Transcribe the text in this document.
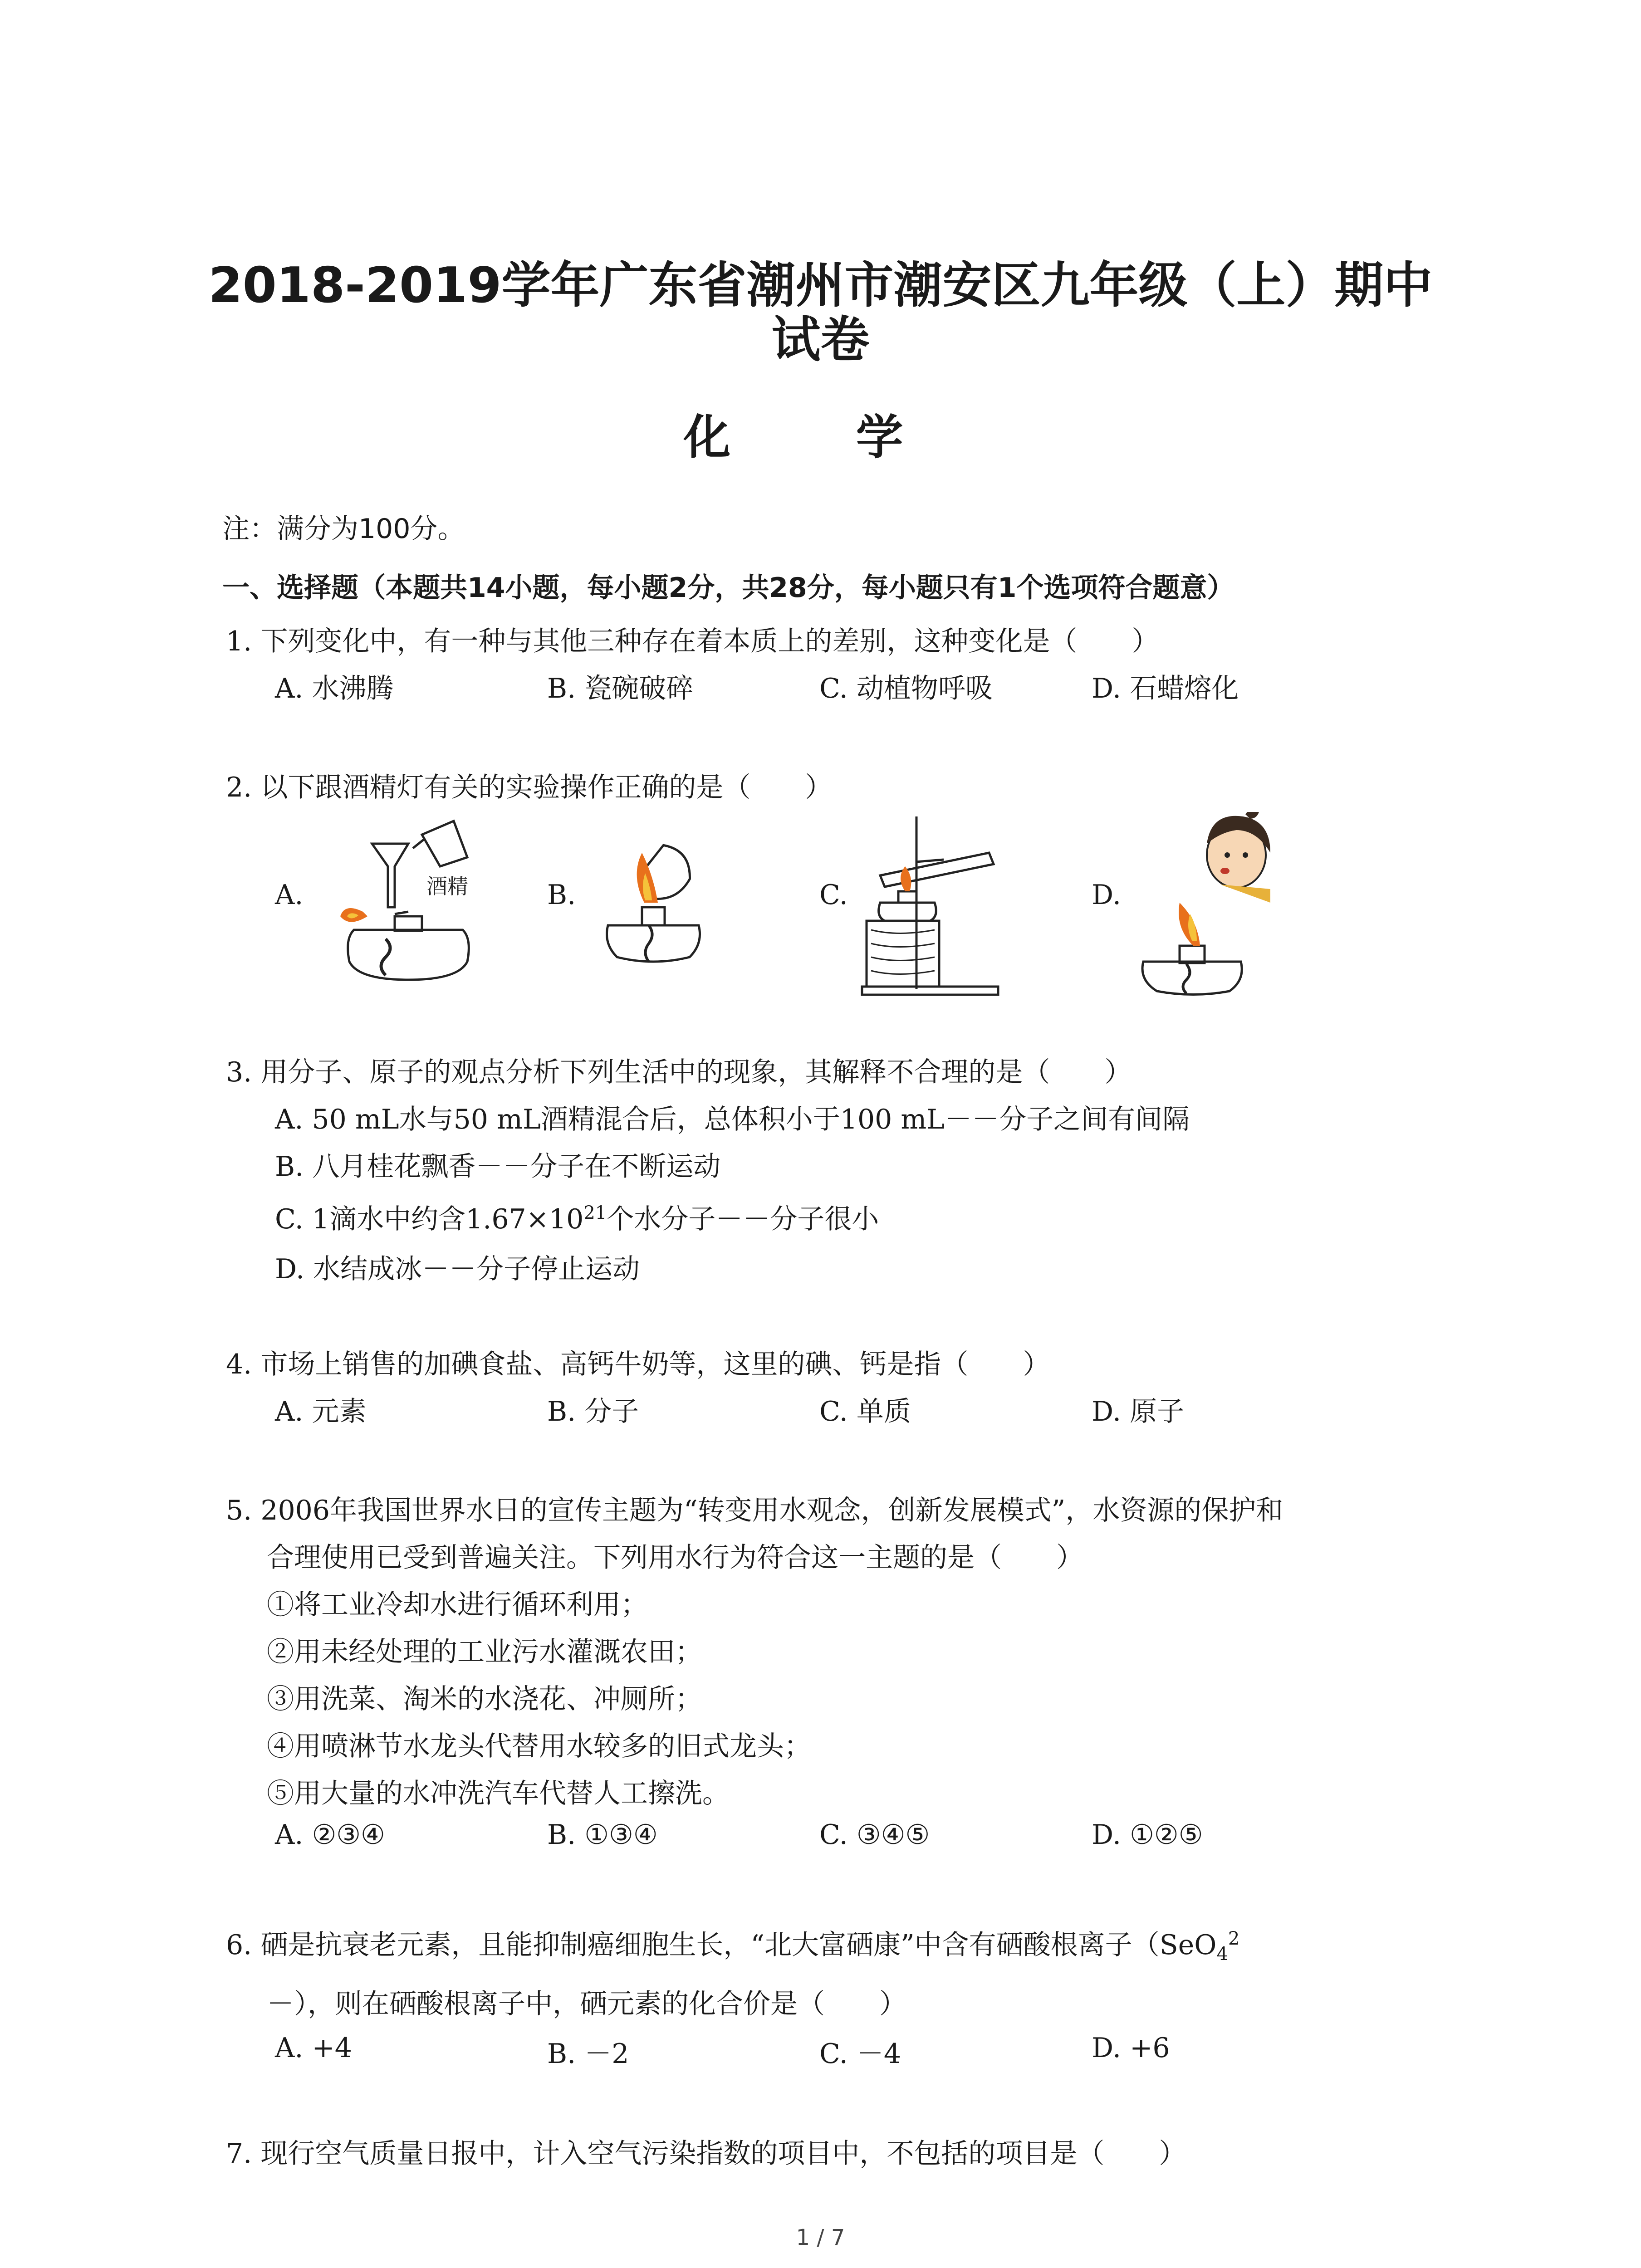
2018-2019学年广东省潮州市潮安区九年级（上）期中
试卷
化 学
注：满分为100分。
一、选择题（本题共14小题，每小题2分，共28分，每小题只有1个选项符合题意）
1. 下列变化中，有一种与其他三种存在着本质上的差别，这种变化是（　　）
A. 水沸腾	B. 瓷碗破碎	C. 动植物呼吸	D. 石蜡熔化
2. 以下跟酒精灯有关的实验操作正确的是（　　）
A.	B.	C.	D.
酒精
3. 用分子、原子的观点分析下列生活中的现象，其解释不合理的是（　　）
A. 50 mL水与50 mL酒精混合后，总体积小于100 mL－－分子之间有间隔
B. 八月桂花飘香－－分子在不断运动
C. 1滴水中约含$1.67\times 10^{21}$个水分子－－分子很小
D. 水结成冰－－分子停止运动
4. 市场上销售的加碘食盐、高钙牛奶等，这里的碘、钙是指（　　）
A. 元素	B. 分子	C. 单质	D. 原子
5. 2006年我国世界水日的宣传主题为“转变用水观念，创新发展模式”，水资源的保护和
合理使用已受到普遍关注。下列用水行为符合这一主题的是（　　）
①将工业冷却水进行循环利用；
②用未经处理的工业污水灌溉农田；
③用洗菜、淘米的水浇花、冲厕所；
④用喷淋节水龙头代替用水较多的旧式龙头；
⑤用大量的水冲洗汽车代替人工擦洗。
A. ②③④	B. ①③④	C. ③④⑤	D. ①②⑤
6. 硒是抗衰老元素，且能抑制癌细胞生长，“北大富硒康”中含有硒酸根离子（SeO$_4^2$
－），则在硒酸根离子中，硒元素的化合价是（　　）
A. +4	B. －2	C. －4	D. +6
7. 现行空气质量日报中，计入空气污染指数的项目中，不包括的项目是（　　）
1 / 7
